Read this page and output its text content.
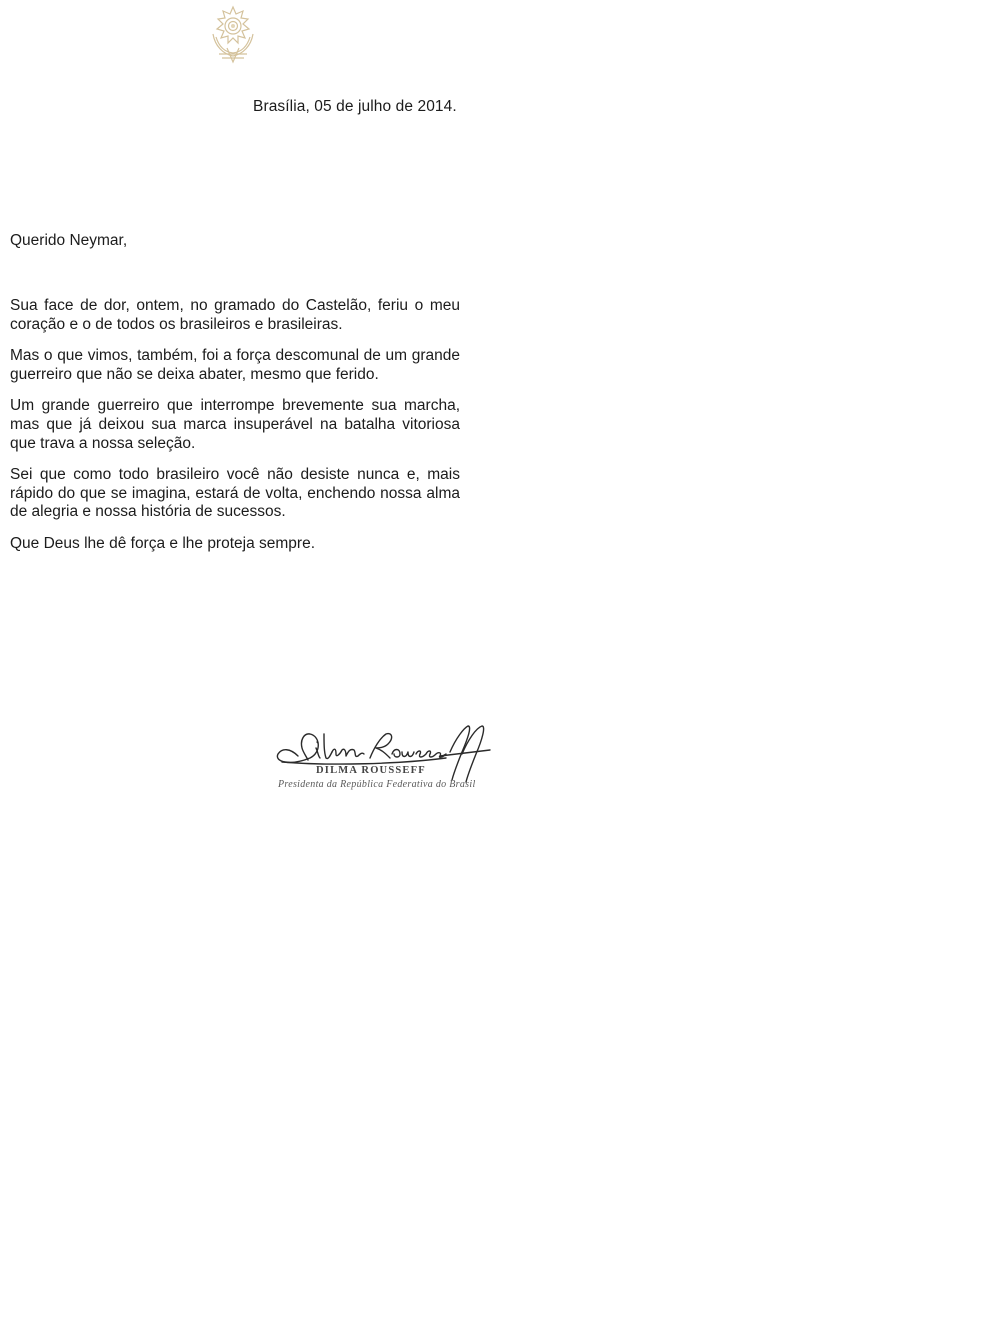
Brasília, 05 de julho de 2014.
Querido Neymar,

Sua face de dor, ontem, no gramado do Castelão, feriu o meu coração e o de todos os brasileiros e brasileiras.

Mas o que vimos, também, foi a força descomunal de um grande guerreiro que não se deixa abater, mesmo que ferido.

Um grande guerreiro que interrompe brevemente sua marcha, mas que já deixou sua marca insuperável na batalha vitoriosa que trava a nossa seleção.

Sei que como todo brasileiro você não desiste nunca e, mais rápido do que se imagina, estará de volta, enchendo nossa alma de alegria e nossa história de sucessos.

Que Deus lhe dê força e lhe proteja sempre.

DILMA ROUSSEFF
Presidenta da República Federativa do Brasil
